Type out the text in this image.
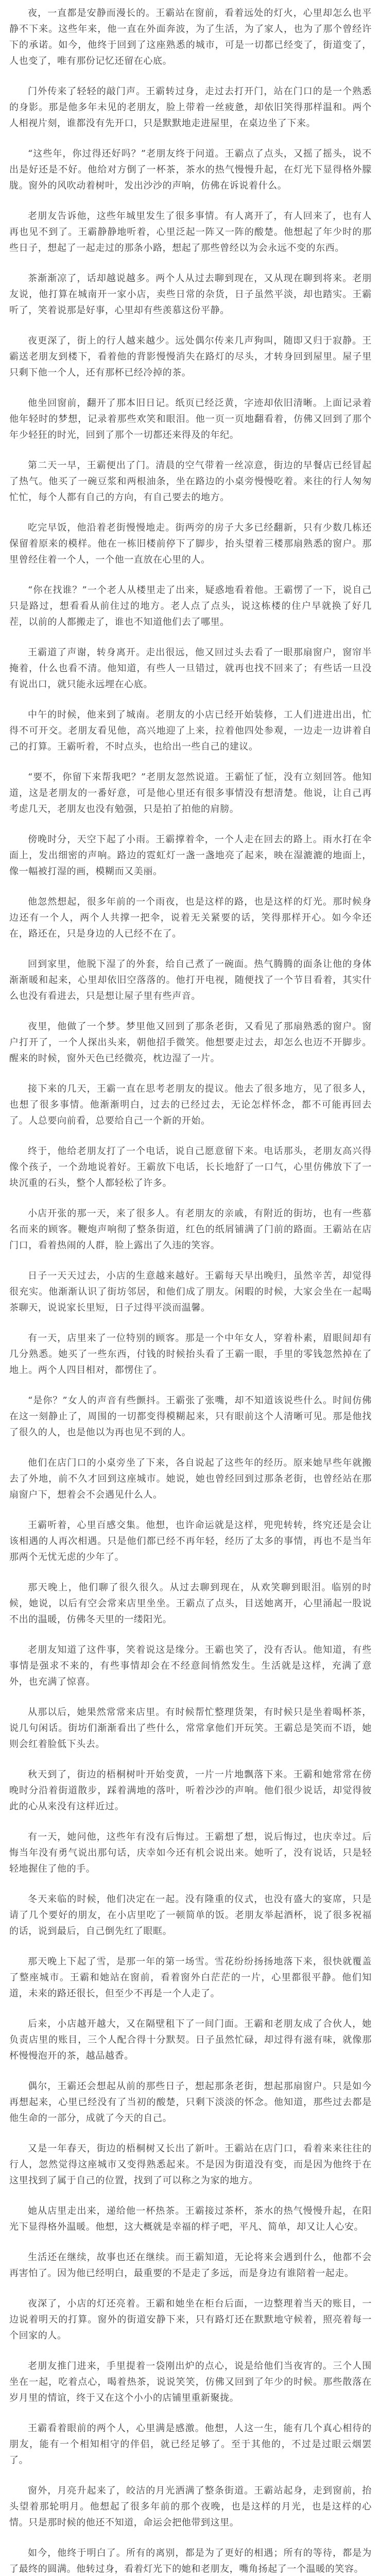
夜，一直都是安静而漫长的。王霸站在窗前，看着远处的灯火，心里却怎么也平静不下来。这些年来，他一直在外面奔波，为了生活，为了家人，也为了那个曾经许下的承诺。如今，他终于回到了这座熟悉的城市，可是一切都已经变了，街道变了，人也变了，唯有那份记忆还留在心底。

门外传来了轻轻的敲门声。王霸转过身，走过去打开门，站在门口的是一个熟悉的身影。那是他多年未见的老朋友，脸上带着一丝疲惫，却依旧笑得那样温和。两个人相视片刻，谁都没有先开口，只是默默地走进屋里，在桌边坐了下来。

“这些年，你过得还好吗？”老朋友终于问道。王霸点了点头，又摇了摇头，说不出是好还是不好。他给对方倒了一杯茶，茶水的热气慢慢升起，在灯光下显得格外朦胧。窗外的风吹动着树叶，发出沙沙的声响，仿佛在诉说着什么。

老朋友告诉他，这些年城里发生了很多事情。有人离开了，有人回来了，也有人再也见不到了。王霸静静地听着，心里泛起一阵又一阵的酸楚。他想起了年少时的那些日子，想起了一起走过的那条小路，想起了那些曾经以为会永远不变的东西。

茶渐渐凉了，话却越说越多。两个人从过去聊到现在，又从现在聊到将来。老朋友说，他打算在城南开一家小店，卖些日常的杂货，日子虽然平淡，却也踏实。王霸听了，笑着说那是好事，心里却有些羡慕这份平静。

夜更深了，街上的行人越来越少。远处偶尔传来几声狗叫，随即又归于寂静。王霸送老朋友到楼下，看着他的背影慢慢消失在路灯的尽头，才转身回到屋里。屋子里只剩下他一个人，还有那杯已经冷掉的茶。

他坐回窗前，翻开了那本旧日记。纸页已经泛黄，字迹却依旧清晰。上面记录着他年轻时的梦想，记录着那些欢笑和眼泪。他一页一页地翻看着，仿佛又回到了那个年少轻狂的时光，回到了那个一切都还来得及的年纪。

第二天一早，王霸便出了门。清晨的空气带着一丝凉意，街边的早餐店已经冒起了热气。他买了一碗豆浆和两根油条，坐在路边的小桌旁慢慢吃着。来往的行人匆匆忙忙，每个人都有自己的方向，有自己要去的地方。

吃完早饭，他沿着老街慢慢地走。街两旁的房子大多已经翻新，只有少数几栋还保留着原来的模样。他在一栋旧楼前停下了脚步，抬头望着三楼那扇熟悉的窗户。那里曾经住着一个人，一个他一直放在心里的人。

“你在找谁？”一个老人从楼里走了出来，疑惑地看着他。王霸愣了一下，说自己只是路过，想看看从前住过的地方。老人点了点头，说这栋楼的住户早就换了好几茬，以前的人都搬走了，谁也不知道他们去了哪里。

王霸道了声谢，转身离开。走出很远，他又回过头去看了一眼那扇窗户，窗帘半掩着，什么也看不清。他知道，有些人一旦错过，就再也找不回来了；有些话一旦没有说出口，就只能永远埋在心底。

中午的时候，他来到了城南。老朋友的小店已经开始装修，工人们进进出出，忙得不可开交。老朋友看见他，高兴地迎了上来，拉着他四处参观，一边走一边讲着自己的打算。王霸听着，不时点头，也给出一些自己的建议。

“要不，你留下来帮我吧？”老朋友忽然说道。王霸怔了怔，没有立刻回答。他知道，这是老朋友的一番好意，可是他心里还有很多事情没有想清楚。他说，让自己再考虑几天，老朋友也没有勉强，只是拍了拍他的肩膀。

傍晚时分，天空下起了小雨。王霸撑着伞，一个人走在回去的路上。雨水打在伞面上，发出细密的声响。路边的霓虹灯一盏一盏地亮了起来，映在湿漉漉的地面上，像一幅被打湿的画，模糊而又美丽。

他忽然想起，很多年前的一个雨夜，也是这样的路，也是这样的灯光。那时候身边还有一个人，两个人共撑一把伞，说着无关紧要的话，笑得那样开心。如今伞还在，路还在，只是身边的人已经不在了。

回到家里，他脱下湿了的外套，给自己煮了一碗面。热气腾腾的面条让他的身体渐渐暖和起来，心里却依旧空落落的。他打开电视，随便找了一个节目看着，其实什么也没有看进去，只是想让屋子里有些声音。

夜里，他做了一个梦。梦里他又回到了那条老街，又看见了那扇熟悉的窗户。窗户打开了，一个人探出头来，朝他招手微笑。他想要走过去，却怎么也迈不开脚步。醒来的时候，窗外天色已经微亮，枕边湿了一片。

接下来的几天，王霸一直在思考老朋友的提议。他去了很多地方，见了很多人，也想了很多事情。他渐渐明白，过去的已经过去，无论怎样怀念，都不可能再回去了。人总要向前看，总要给自己一个新的开始。

终于，他给老朋友打了一个电话，说自己愿意留下来。电话那头，老朋友高兴得像个孩子，一个劲地说着好。王霸放下电话，长长地舒了一口气，心里仿佛放下了一块沉重的石头，整个人都轻松了许多。

小店开张的那一天，来了很多人。有老朋友的亲戚，有附近的街坊，也有一些慕名而来的顾客。鞭炮声响彻了整条街道，红色的纸屑铺满了门前的路面。王霸站在店门口，看着热闹的人群，脸上露出了久违的笑容。

日子一天天过去，小店的生意越来越好。王霸每天早出晚归，虽然辛苦，却觉得很充实。他渐渐认识了街坊邻居，和他们成了朋友。闲暇的时候，大家会坐在一起喝茶聊天，说说家长里短，日子过得平淡而温馨。

有一天，店里来了一位特别的顾客。那是一个中年女人，穿着朴素，眉眼间却有几分熟悉。她买了一些东西，付钱的时候抬头看了王霸一眼，手里的零钱忽然掉在了地上。两个人四目相对，都愣住了。

“是你？”女人的声音有些颤抖。王霸张了张嘴，却不知道该说些什么。时间仿佛在这一刻静止了，周围的一切都变得模糊起来，只有眼前这个人清晰可见。那是他找了很久的人，也是他以为再也见不到的人。

他们在店门口的小桌旁坐了下来，各自说起了这些年的经历。原来她早些年就搬去了外地，前不久才回到这座城市。她说，她也曾经回到过那条老街，也曾经站在那扇窗户下，想着会不会遇见什么人。

王霸听着，心里百感交集。他想，也许命运就是这样，兜兜转转，终究还是会让该相遇的人再次相遇。只是他们都已经不再年轻，经历了太多的事情，再也不是当年那两个无忧无虑的少年了。

那天晚上，他们聊了很久很久。从过去聊到现在，从欢笑聊到眼泪。临别的时候，她说，以后有空会常来店里坐坐。王霸点了点头，目送她离开，心里涌起一股说不出的温暖，仿佛冬天里的一缕阳光。

老朋友知道了这件事，笑着说这是缘分。王霸也笑了，没有否认。他知道，有些事情是强求不来的，有些事情却会在不经意间悄然发生。生活就是这样，充满了意外，也充满了惊喜。

从那以后，她果然常常来店里。有时候帮忙整理货架，有时候只是坐着喝杯茶，说几句闲话。街坊们渐渐看出了些什么，常常拿他们开玩笑。王霸总是笑而不语，她则会红着脸低下头去。

秋天到了，街边的梧桐树叶开始变黄，一片一片地飘落下来。王霸和她常常在傍晚时分沿着街道散步，踩着满地的落叶，听着沙沙的声响。他们很少说话，却觉得彼此的心从来没有这样近过。

有一天，她问他，这些年有没有后悔过。王霸想了想，说后悔过，也庆幸过。后悔当年没有勇气说出那句话，庆幸如今还有机会说出来。她听了，没有说话，只是轻轻地握住了他的手。

冬天来临的时候，他们决定在一起。没有隆重的仪式，也没有盛大的宴席，只是请了几个要好的朋友，在小店里吃了一顿简单的饭。老朋友举起酒杯，说了很多祝福的话，说到最后，自己倒先红了眼眶。

那天晚上下起了雪，是那一年的第一场雪。雪花纷纷扬扬地落下来，很快就覆盖了整座城市。王霸和她站在窗前，看着窗外白茫茫的一片，心里都很平静。他们知道，未来的路还很长，但至少不再是一个人走了。

后来，小店越开越大，又在隔壁租下了一间门面。王霸和老朋友成了合伙人，她负责店里的账目，三个人配合得十分默契。日子虽然忙碌，却过得有滋有味，就像那杯慢慢泡开的茶，越品越香。

偶尔，王霸还会想起从前的那些日子，想起那条老街，想起那扇窗户。只是如今再想起来，心里已经没有了当初的酸楚，只剩下淡淡的怀念。他知道，那些过去都是他生命的一部分，成就了今天的自己。

又是一年春天，街边的梧桐树又长出了新叶。王霸站在店门口，看着来来往往的行人，忽然觉得这座城市又变得熟悉起来。不是因为街道没有变，而是因为他终于在这里找到了属于自己的位置，找到了可以称之为家的地方。

她从店里走出来，递给他一杯热茶。王霸接过茶杯，茶水的热气慢慢升起，在阳光下显得格外温暖。他想，这大概就是幸福的样子吧，平凡、简单，却又让人心安。

生活还在继续，故事也还在继续。而王霸知道，无论将来会遇到什么，他都不会再害怕了。因为他已经明白，最重要的不是走了多远，而是身边有谁陪着一起走。

夜深了，小店的灯还亮着。王霸和她坐在柜台后面，一边整理着当天的账目，一边说着明天的打算。窗外的街道安静下来，只有路灯还在默默地守候着，照亮着每一个回家的人。

老朋友推门进来，手里提着一袋刚出炉的点心，说是给他们当夜宵的。三个人围坐在一起，吃着点心，喝着热茶，说说笑笑，仿佛又回到了年少的时候。那些散落在岁月里的情谊，终于又在这个小小的店铺里重新聚拢。

王霸看着眼前的两个人，心里满是感激。他想，人这一生，能有几个真心相待的朋友，能有一个相知相守的伴侣，就已经足够了。至于其他的，不过是过眼云烟罢了。

窗外，月亮升起来了，皎洁的月光洒满了整条街道。王霸站起身，走到窗前，抬头望着那轮明月。他想起了很多年前的那个夜晚，也是这样的月光，也是这样的心情。只是那时候的他还不知道，命运会把他带到这里。

如今，他终于明白了。所有的离别，都是为了更好的相遇；所有的等待，都是为了最终的圆满。他转过身，看着灯光下的她和老朋友，嘴角扬起了一个温暖的笑容。
